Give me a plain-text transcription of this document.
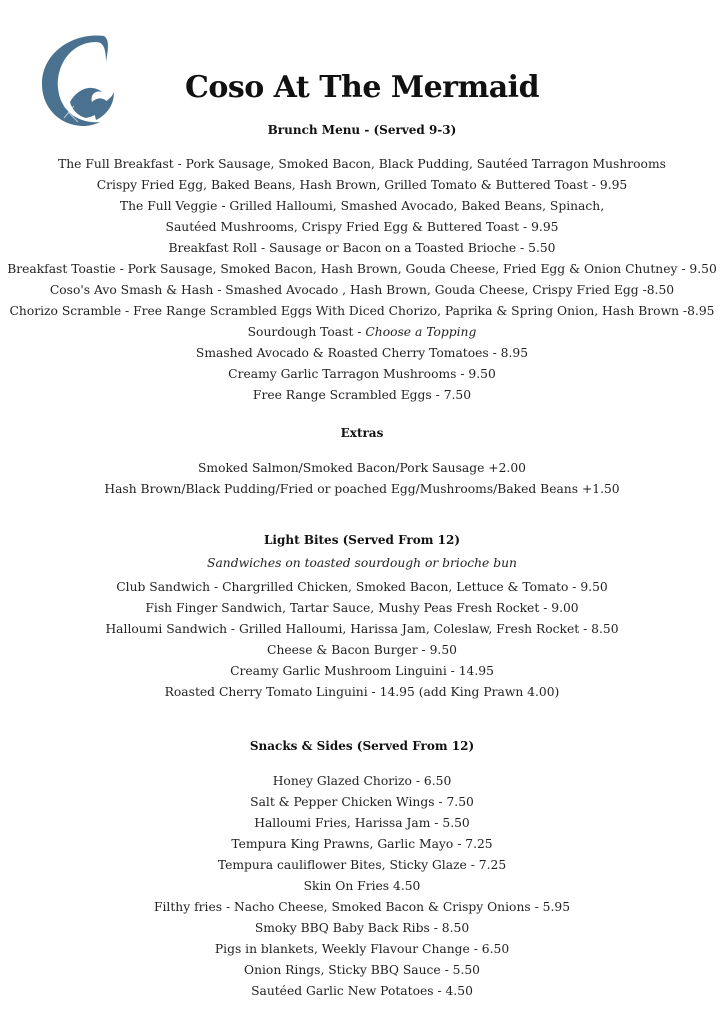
Coso At The Mermaid
Brunch Menu - (Served 9-3)
The Full Breakfast - Pork Sausage, Smoked Bacon, Black Pudding, Sautéed Tarragon Mushrooms
Crispy Fried Egg, Baked Beans, Hash Brown, Grilled Tomato & Buttered Toast - 9.95
The Full Veggie - Grilled Halloumi, Smashed Avocado, Baked Beans, Spinach,
Sautéed Mushrooms, Crispy Fried Egg & Buttered Toast - 9.95
Breakfast Roll - Sausage or Bacon on a Toasted Brioche - 5.50
Breakfast Toastie - Pork Sausage, Smoked Bacon, Hash Brown, Gouda Cheese, Fried Egg & Onion Chutney - 9.50
Coso's Avo Smash & Hash - Smashed Avocado , Hash Brown, Gouda Cheese, Crispy Fried Egg -8.50
Chorizo Scramble - Free Range Scrambled Eggs With Diced Chorizo, Paprika & Spring Onion, Hash Brown -8.95
Sourdough Toast - Choose a Topping
Smashed Avocado & Roasted Cherry Tomatoes - 8.95
Creamy Garlic Tarragon Mushrooms - 9.50
Free Range Scrambled Eggs - 7.50
Extras
Smoked Salmon/Smoked Bacon/Pork Sausage +2.00
Hash Brown/Black Pudding/Fried or poached Egg/Mushrooms/Baked Beans +1.50
Light Bites (Served From 12)
Sandwiches on toasted sourdough or brioche bun
Club Sandwich - Chargrilled Chicken, Smoked Bacon, Lettuce & Tomato - 9.50
Fish Finger Sandwich, Tartar Sauce, Mushy Peas Fresh Rocket - 9.00
Halloumi Sandwich - Grilled Halloumi, Harissa Jam, Coleslaw, Fresh Rocket - 8.50
Cheese & Bacon Burger - 9.50
Creamy Garlic Mushroom Linguini - 14.95
Roasted Cherry Tomato Linguini - 14.95 (add King Prawn 4.00)
Snacks & Sides (Served From 12)
Honey Glazed Chorizo - 6.50
Salt & Pepper Chicken Wings - 7.50
Halloumi Fries, Harissa Jam - 5.50
Tempura King Prawns, Garlic Mayo - 7.25
Tempura cauliflower Bites, Sticky Glaze - 7.25
Skin On Fries 4.50
Filthy fries - Nacho Cheese, Smoked Bacon & Crispy Onions - 5.95
Smoky BBQ Baby Back Ribs - 8.50
Pigs in blankets, Weekly Flavour Change - 6.50
Onion Rings, Sticky BBQ Sauce - 5.50
Sautéed Garlic New Potatoes - 4.50
